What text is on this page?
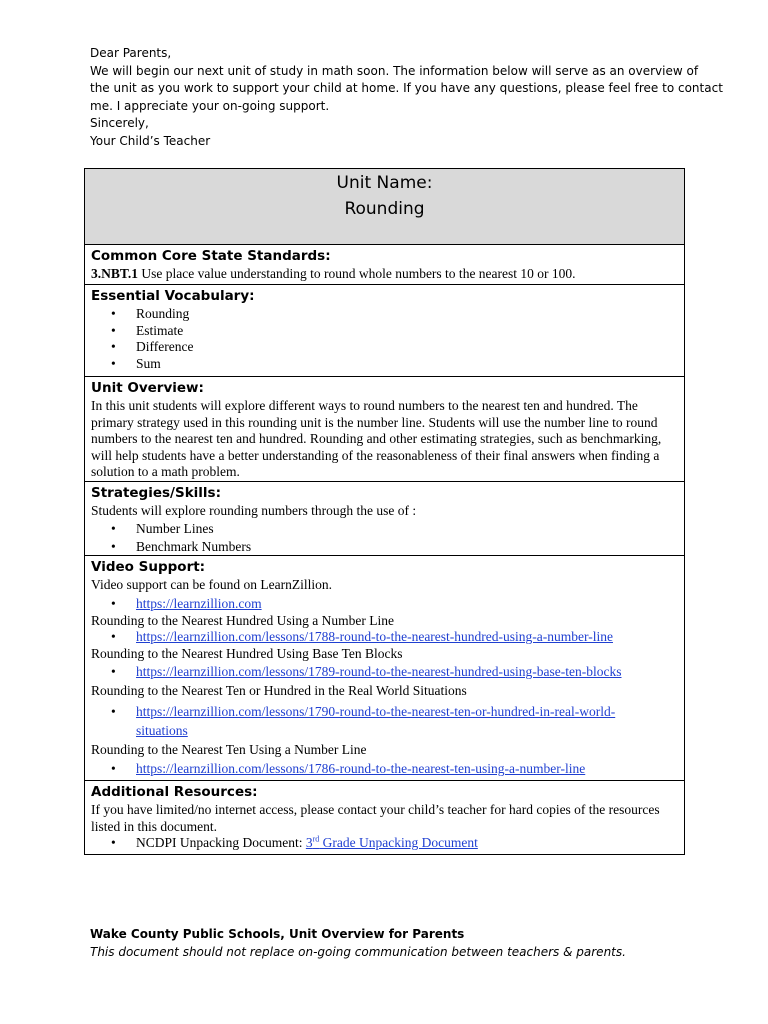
Dear Parents,
We will begin our next unit of study in math soon. The information below will serve as an overview of
the unit as you work to support your child at home. If you have any questions, please feel free to contact
me. I appreciate your on-going support.
Sincerely,
Your Child’s Teacher
Unit Name:
Rounding
Common Core State Standards:
3.NBT.1 Use place value understanding to round whole numbers to the nearest 10 or 100.
Essential Vocabulary:
• Rounding
• Estimate
• Difference
• Sum
Unit Overview:
In this unit students will explore different ways to round numbers to the nearest ten and hundred. The
primary strategy used in this rounding unit is the number line. Students will use the number line to round
numbers to the nearest ten and hundred. Rounding and other estimating strategies, such as benchmarking,
will help students have a better understanding of the reasonableness of their final answers when finding a
solution to a math problem.
Strategies/Skills:
Students will explore rounding numbers through the use of :
• Number Lines
• Benchmark Numbers
Video Support:
Video support can be found on LearnZillion.
• https://learnzillion.com
Rounding to the Nearest Hundred Using a Number Line
• https://learnzillion.com/lessons/1788-round-to-the-nearest-hundred-using-a-number-line
Rounding to the Nearest Hundred Using Base Ten Blocks
• https://learnzillion.com/lessons/1789-round-to-the-nearest-hundred-using-base-ten-blocks
Rounding to the Nearest Ten or Hundred in the Real World Situations
• https://learnzillion.com/lessons/1790-round-to-the-nearest-ten-or-hundred-in-real-world-
situations
Rounding to the Nearest Ten Using a Number Line
• https://learnzillion.com/lessons/1786-round-to-the-nearest-ten-using-a-number-line
Additional Resources:
If you have limited/no internet access, please contact your child’s teacher for hard copies of the resources
listed in this document.
• NCDPI Unpacking Document: 3rd Grade Unpacking Document
Wake County Public Schools, Unit Overview for Parents
This document should not replace on-going communication between teachers & parents.
